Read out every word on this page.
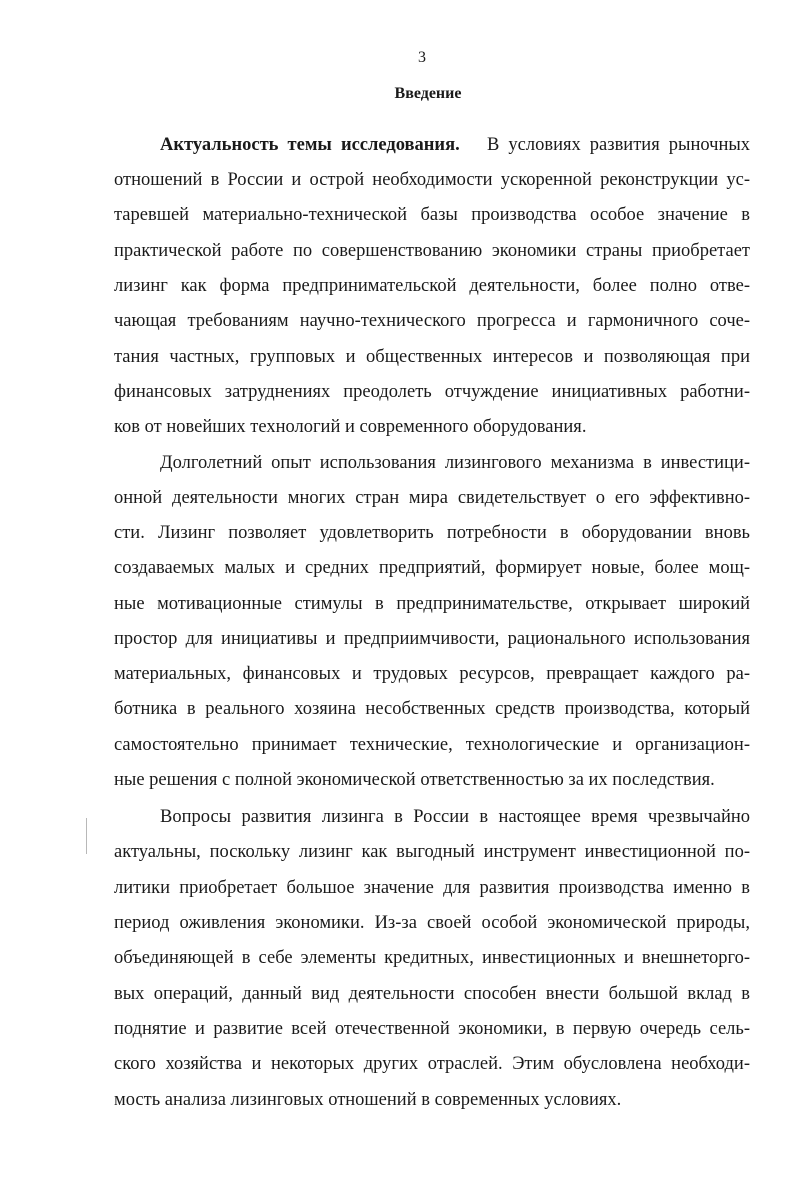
3
Введение
Актуальность темы исследования. В условиях развития рыночных
отношений в России и острой необходимости ускоренной реконструкции ус-
таревшей материально-технической базы производства особое значение в
практической работе по совершенствованию экономики страны приобретает
лизинг как форма предпринимательской деятельности, более полно отве-
чающая требованиям научно-технического прогресса и гармоничного соче-
тания частных, групповых и общественных интересов и позволяющая при
финансовых затруднениях преодолеть отчуждение инициативных работни-
ков от новейших технологий и современного оборудования.
Долголетний опыт использования лизингового механизма в инвестици-
онной деятельности многих стран мира свидетельствует о его эффективно-
сти. Лизинг позволяет удовлетворить потребности в оборудовании вновь
создаваемых малых и средних предприятий, формирует новые, более мощ-
ные мотивационные стимулы в предпринимательстве, открывает широкий
простор для инициативы и предприимчивости, рационального использования
материальных, финансовых и трудовых ресурсов, превращает каждого ра-
ботника в реального хозяина несобственных средств производства, который
самостоятельно принимает технические, технологические и организацион-
ные решения с полной экономической ответственностью за их последствия.
Вопросы развития лизинга в России в настоящее время чрезвычайно
актуальны, поскольку лизинг как выгодный инструмент инвестиционной по-
литики приобретает большое значение для развития производства именно в
период оживления экономики. Из-за своей особой экономической природы,
объединяющей в себе элементы кредитных, инвестиционных и внешнеторго-
вых операций, данный вид деятельности способен внести большой вклад в
поднятие и развитие всей отечественной экономики, в первую очередь сель-
ского хозяйства и некоторых других отраслей. Этим обусловлена необходи-
мость анализа лизинговых отношений в современных условиях.
